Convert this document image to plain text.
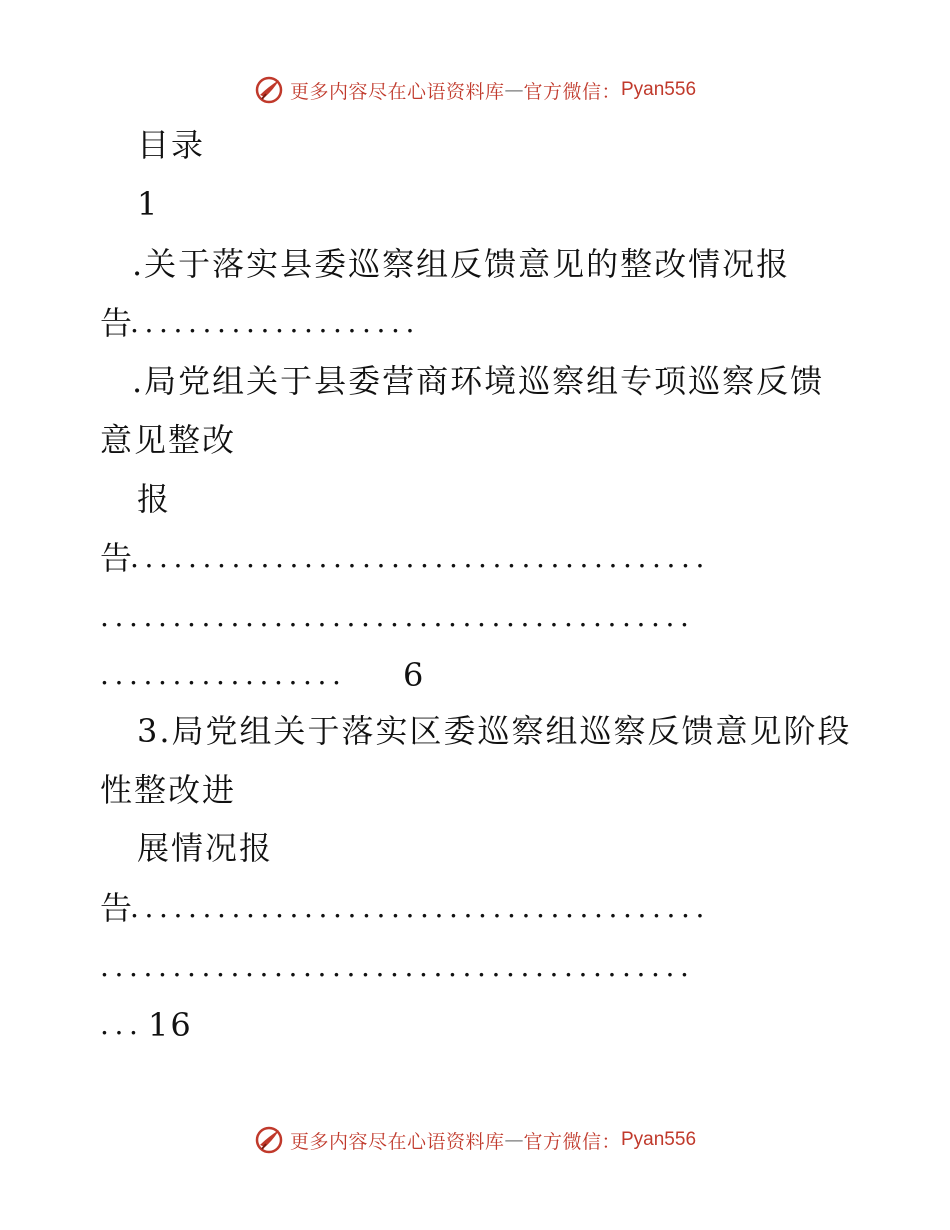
更多内容尽在心语资料库 — 官方微信： Pyan556
目录
1
.关于落实县委巡察组反馈意见的整改情况报
告
....................
.局党组关于县委营商环境巡察组专项巡察反馈
意见整改
报
告
........................................
.........................................
.................	6
3.局党组关于落实区委巡察组巡察反馈意见阶段
性整改进
展情况报
告
........................................
.........................................
... 16
更多内容尽在心语资料库 — 官方微信： Pyan556
